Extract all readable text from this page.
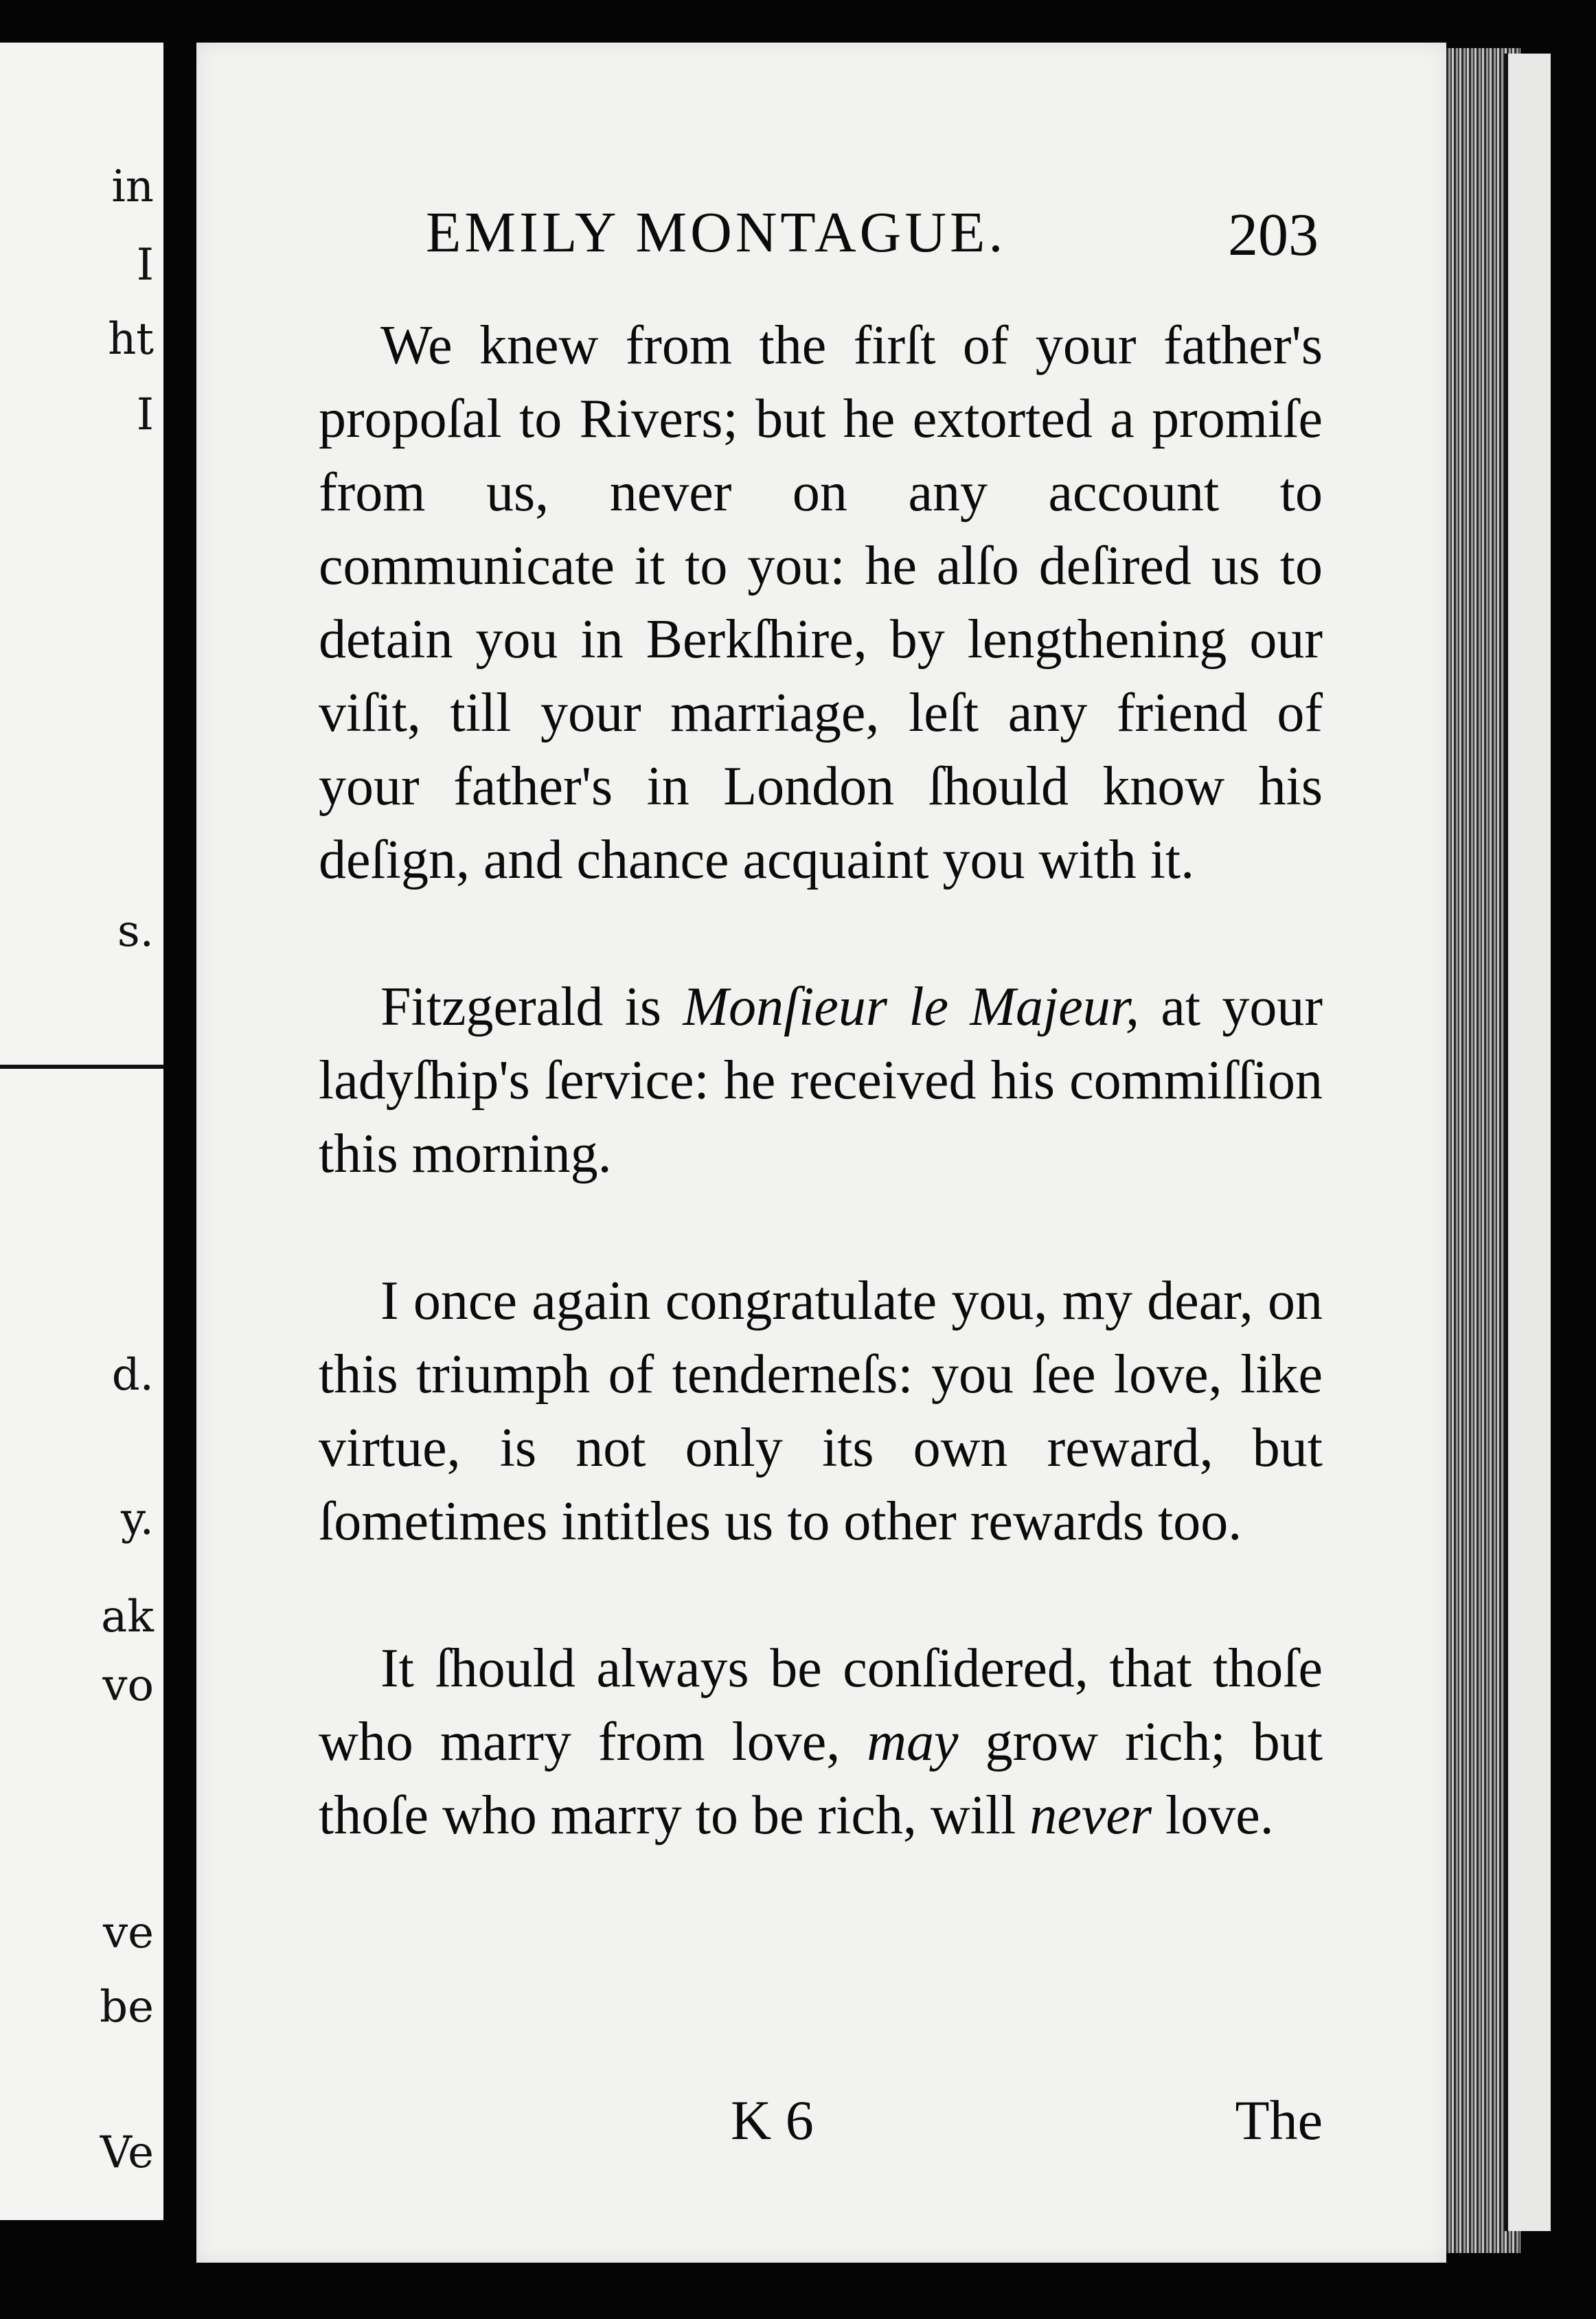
in
I
ht
I
s.
d.
y.
ak
vo
ve
be
Ve
EMILY MONTAGUE.	203

We knew from the firſt of your father's propoſal to Rivers; but he extorted a promiſe from us, never on any account to communicate it to you: he alſo deſired us to detain you in Berkſhire, by lengthening our viſit, till your marriage, leſt any friend of your father's in London ſhould know his deſign, and chance acquaint you with it.

Fitzgerald is Monſieur le Majeur, at your ladyſhip's ſervice: he received his commiſſion this morning.

I once again congratulate you, my dear, on this triumph of tenderneſs: you ſee love, like virtue, is not only its own reward, but ſometimes intitles us to other rewards too.

It ſhould always be conſidered, that thoſe who marry from love, may grow rich; but thoſe who marry to be rich, will never love.

K 6	The
